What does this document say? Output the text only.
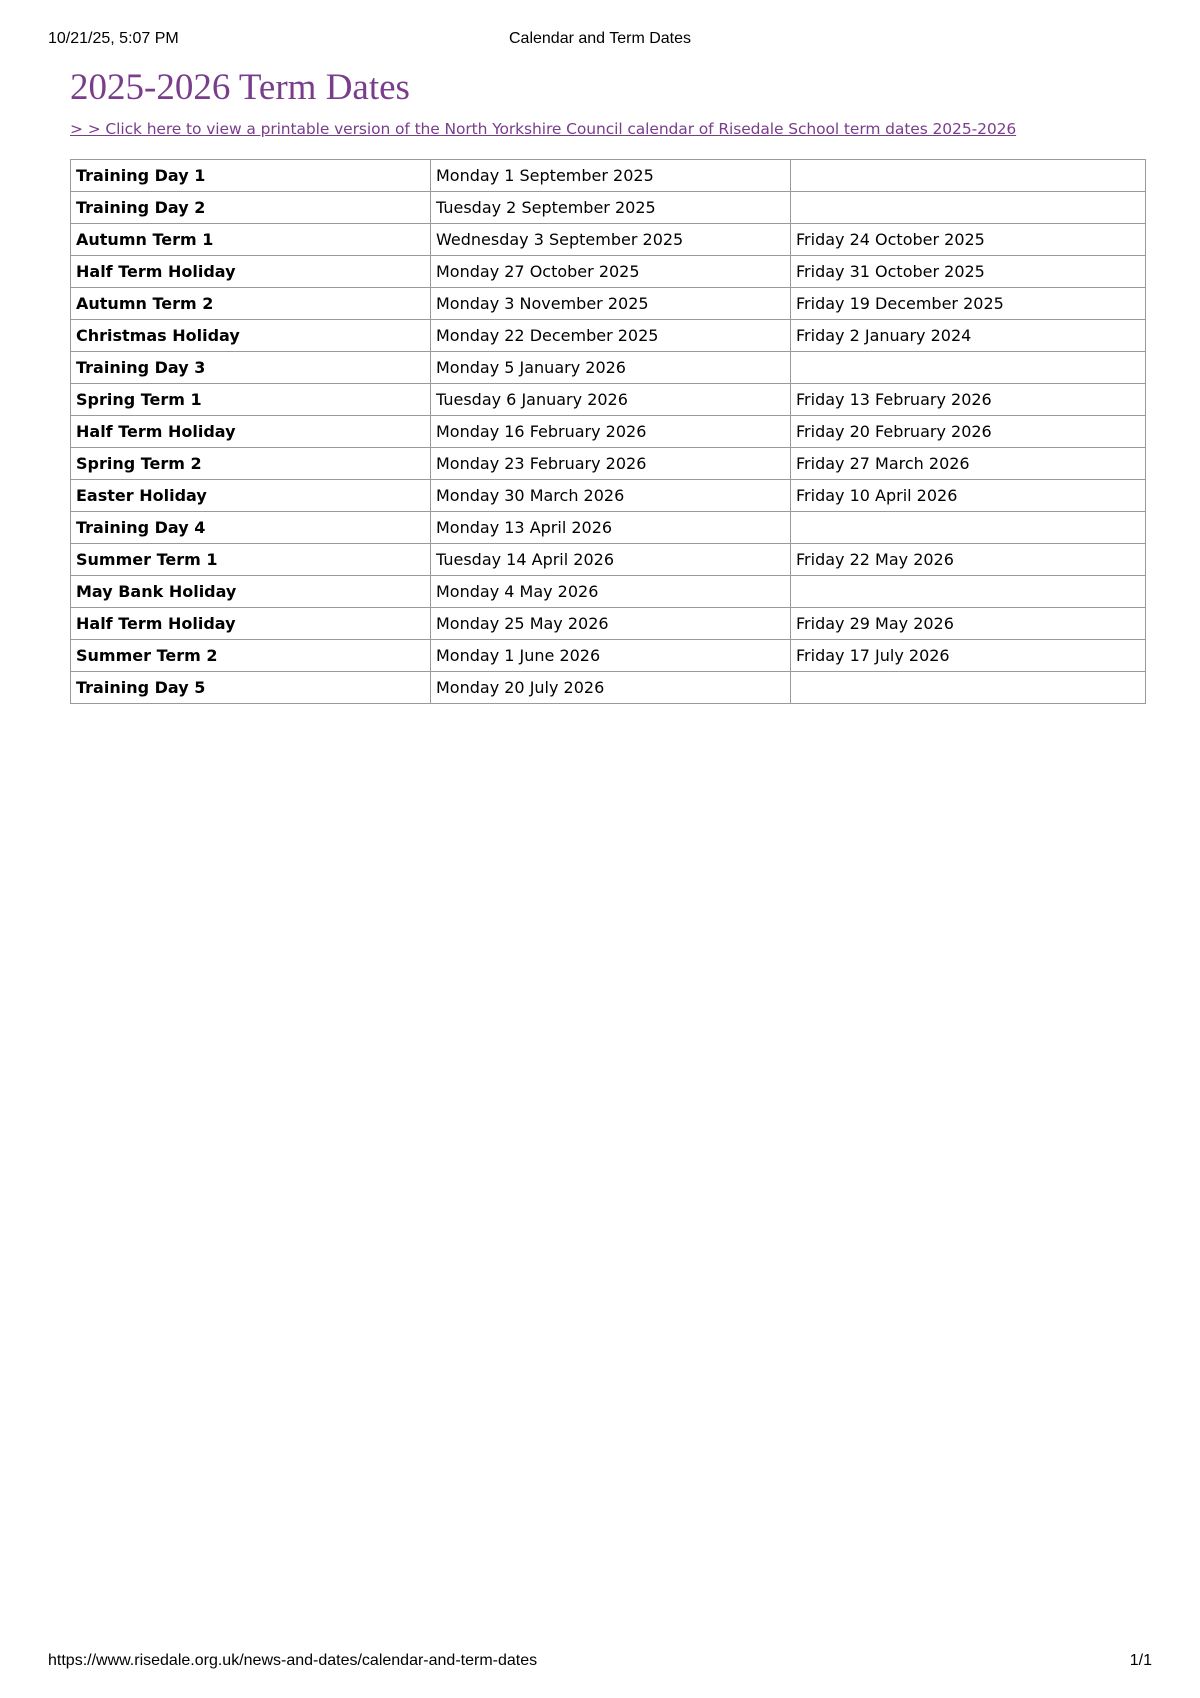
10/21/25, 5:07 PM	Calendar and Term Dates
2025-2026 Term Dates
> > Click here to view a printable version of the North Yorkshire Council calendar of Risedale School term dates 2025-2026
Training Day 1	Monday 1 September 2025	
Training Day 2	Tuesday 2 September 2025	
Autumn Term 1	Wednesday 3 September 2025	Friday 24 October 2025
Half Term Holiday	Monday 27 October 2025	Friday 31 October 2025
Autumn Term 2	Monday 3 November 2025	Friday 19 December 2025
Christmas Holiday	Monday 22 December 2025	Friday 2 January 2024
Training Day 3	Monday 5 January 2026	
Spring Term 1	Tuesday 6 January 2026	Friday 13 February 2026
Half Term Holiday	Monday 16 February 2026	Friday 20 February 2026
Spring Term 2	Monday 23 February 2026	Friday 27 March 2026
Easter Holiday	Monday 30 March 2026	Friday 10 April 2026
Training Day 4	Monday 13 April 2026	
Summer Term 1	Tuesday 14 April 2026	Friday 22 May 2026
May Bank Holiday	Monday 4 May 2026	
Half Term Holiday	Monday 25 May 2026	Friday 29 May 2026
Summer Term 2	Monday 1 June 2026	Friday 17 July 2026
Training Day 5	Monday 20 July 2026	
https://www.risedale.org.uk/news-and-dates/calendar-and-term-dates	1/1
